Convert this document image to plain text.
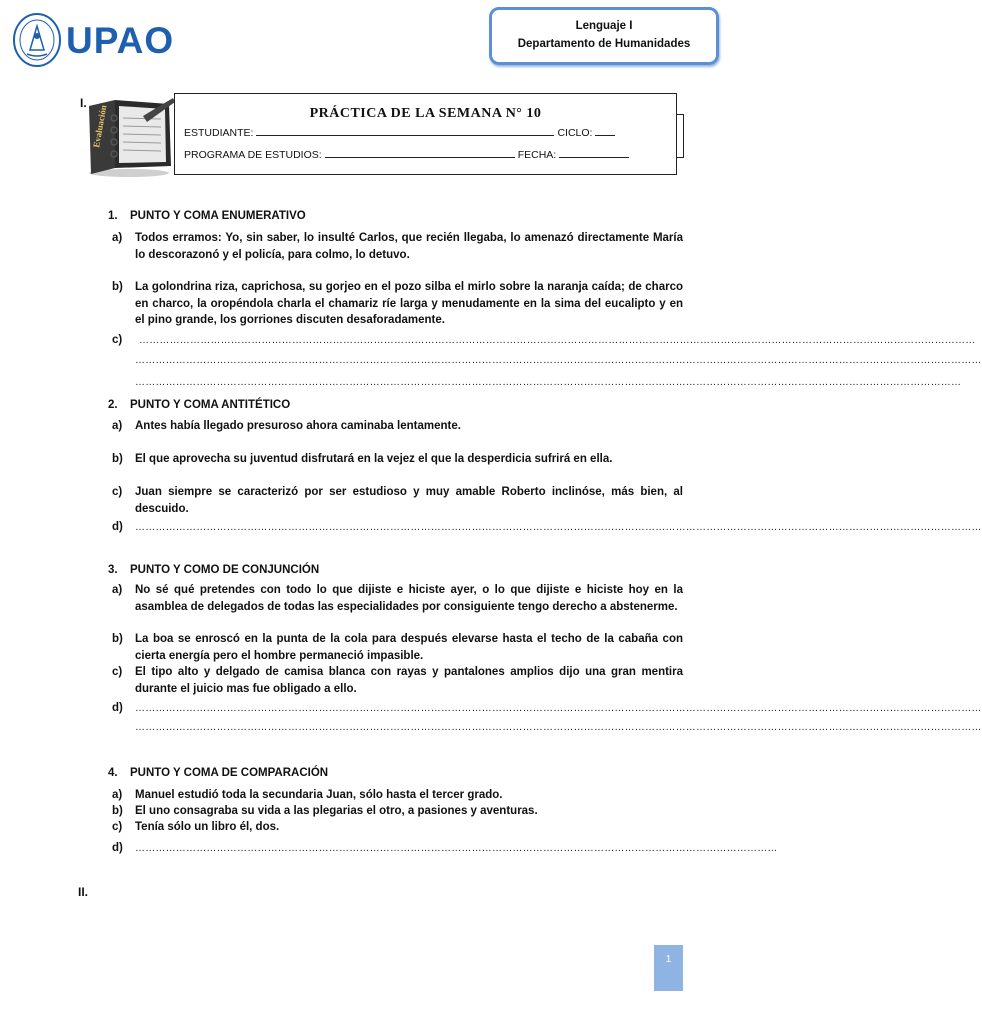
UPAO	Lenguaje I
Departamento de Humanidades
I.
Evaluación	PRÁCTICA DE LA SEMANA N° 10
ESTUDIANTE:	CICLO:
PROGRAMA DE ESTUDIOS:	FECHA:
1. PUNTO Y COMA ENUMERATIVO
a)	Todos erramos: Yo, sin saber, lo insulté Carlos, que recién llegaba, lo amenazó directamente María lo descorazonó y el policía, para colmo, lo detuvo.
b)	La golondrina riza, caprichosa, su gorjeo en el pozo silba el mirlo sobre la naranja caída; de charco en charco, la oropéndola charla el chamariz ríe larga y menudamente en la sima del eucalipto y en el pino grande, los gorriones discuten desaforadamente.
c)	…………………………………………………………………………………………………………………………………………………………………………………………………………………………
……………………………………………………………………………………………………………………………………………………………………………………………………………………………
………………………………………………………………………………………………………………………………………………………………………………………………………………………
2. PUNTO Y COMA ANTITÉTICO
a)	Antes había llegado presuroso ahora caminaba lentamente.
b)	El que aprovecha su juventud disfrutará en la vejez el que la desperdicia sufrirá en ella.
c)	Juan siempre se caracterizó por ser estudioso y muy amable Roberto inclinóse, más bien, al descuido.
d)	……………………………………………………………………………………………………………………………………………………………………………………………………………………………
3. PUNTO Y COMO DE CONJUNCIÓN
a)	No sé qué pretendes con todo lo que dijiste e hiciste ayer, o lo que dijiste e hiciste hoy en la asamblea de delegados de todas las especialidades por consiguiente tengo derecho a abstenerme.
b)	La boa se enroscó en la punta de la cola para después elevarse hasta el techo de la cabaña con cierta energía pero el hombre permaneció impasible.
c)	El tipo alto y delgado de camisa blanca con rayas y pantalones amplios dijo una gran mentira durante el juicio mas fue obligado a ello.
d)	……………………………………………………………………………………………………………………………………………………………………………………………………………………………
……………………………………………………………………………………………………………………………………………………………………………………………………………………………
4. PUNTO Y COMA DE COMPARACIÓN
a)	Manuel estudió toda la secundaria Juan, sólo hasta el tercer grado.
b)	El uno consagraba su vida a las plegarias el otro, a pasiones y aventuras.
c)	Tenía sólo un libro él, dos.
d)	………………………………………………………………………………………………………………………………………………………………………
II.
1
